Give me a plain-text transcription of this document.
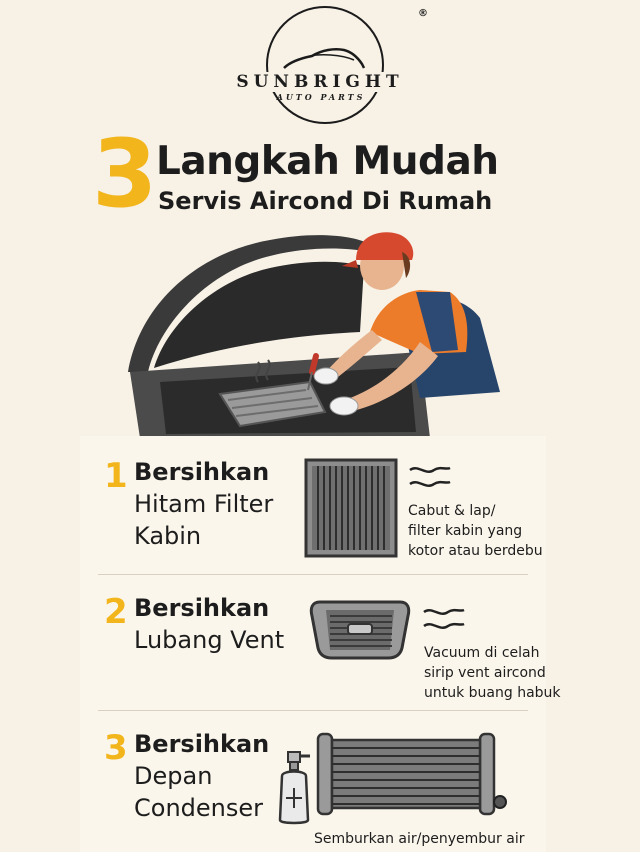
SUNBRIGHT
AUTO PARTS
®
3
Langkah Mudah
Servis Aircond Di Rumah
1 Bersihkan
Hitam Filter
Kabin
Cabut & lap/
filter kabin yang
kotor atau berdebu
2 Bersihkan
Lubang Vent	Vacuum di celah
sirip vent aircond
untuk buang habuk
3 Bersihkan
Depan
Condenser
Semburkan air/penyembur air
